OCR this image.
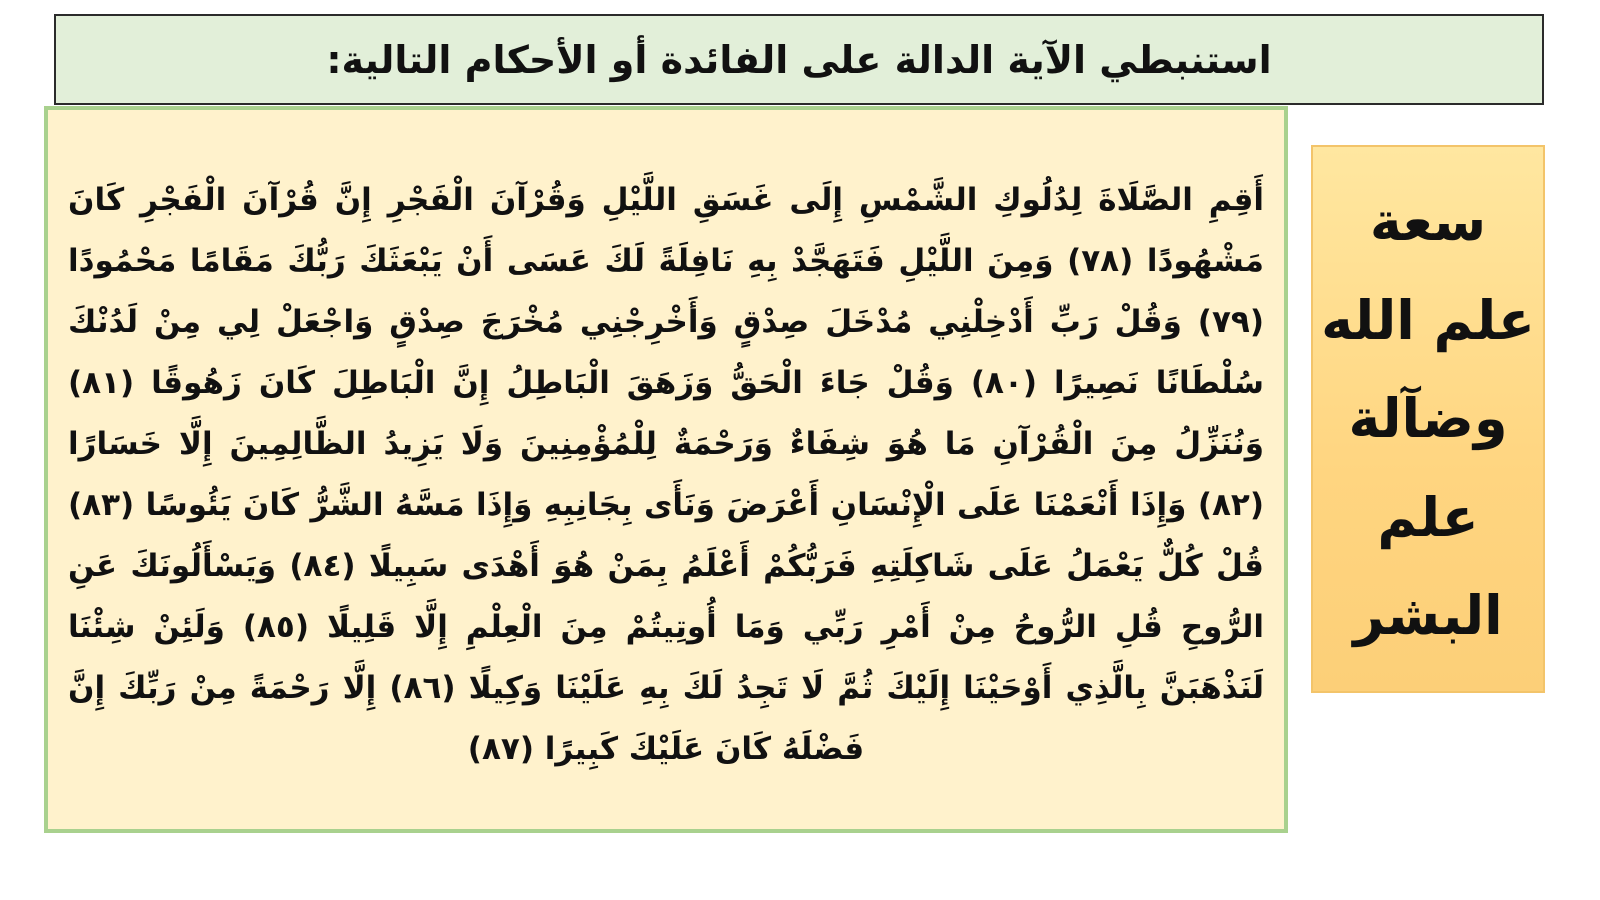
استنبطي الآية الدالة على الفائدة أو الأحكام التالية:

أَقِمِ الصَّلَاةَ لِدُلُوكِ الشَّمْسِ إِلَى غَسَقِ اللَّيْلِ وَقُرْآنَ الْفَجْرِ إِنَّ قُرْآنَ الْفَجْرِ كَانَ مَشْهُودًا (٧٨) وَمِنَ اللَّيْلِ فَتَهَجَّدْ بِهِ نَافِلَةً لَكَ عَسَى أَنْ يَبْعَثَكَ رَبُّكَ مَقَامًا مَحْمُودًا (٧٩) وَقُلْ رَبِّ أَدْخِلْنِي مُدْخَلَ صِدْقٍ وَأَخْرِجْنِي مُخْرَجَ صِدْقٍ وَاجْعَلْ لِي مِنْ لَدُنْكَ سُلْطَانًا نَصِيرًا (٨٠) وَقُلْ جَاءَ الْحَقُّ وَزَهَقَ الْبَاطِلُ إِنَّ الْبَاطِلَ كَانَ زَهُوقًا (٨١) وَنُنَزِّلُ مِنَ الْقُرْآنِ مَا هُوَ شِفَاءٌ وَرَحْمَةٌ لِلْمُؤْمِنِينَ وَلَا يَزِيدُ الظَّالِمِينَ إِلَّا خَسَارًا (٨٢) وَإِذَا أَنْعَمْنَا عَلَى الْإِنْسَانِ أَعْرَضَ وَنَأَى بِجَانِبِهِ وَإِذَا مَسَّهُ الشَّرُّ كَانَ يَئُوسًا (٨٣) قُلْ كُلٌّ يَعْمَلُ عَلَى شَاكِلَتِهِ فَرَبُّكُمْ أَعْلَمُ بِمَنْ هُوَ أَهْدَى سَبِيلًا (٨٤) وَيَسْأَلُونَكَ عَنِ الرُّوحِ قُلِ الرُّوحُ مِنْ أَمْرِ رَبِّي وَمَا أُوتِيتُمْ مِنَ الْعِلْمِ إِلَّا قَلِيلًا (٨٥) وَلَئِنْ شِئْنَا لَنَذْهَبَنَّ بِالَّذِي أَوْحَيْنَا إِلَيْكَ ثُمَّ لَا تَجِدُ لَكَ بِهِ عَلَيْنَا وَكِيلًا (٨٦) إِلَّا رَحْمَةً مِنْ رَبِّكَ إِنَّ فَضْلَهُ كَانَ عَلَيْكَ كَبِيرًا (٨٧)

سعة
علم الله
وضآلة
علم
البشر
